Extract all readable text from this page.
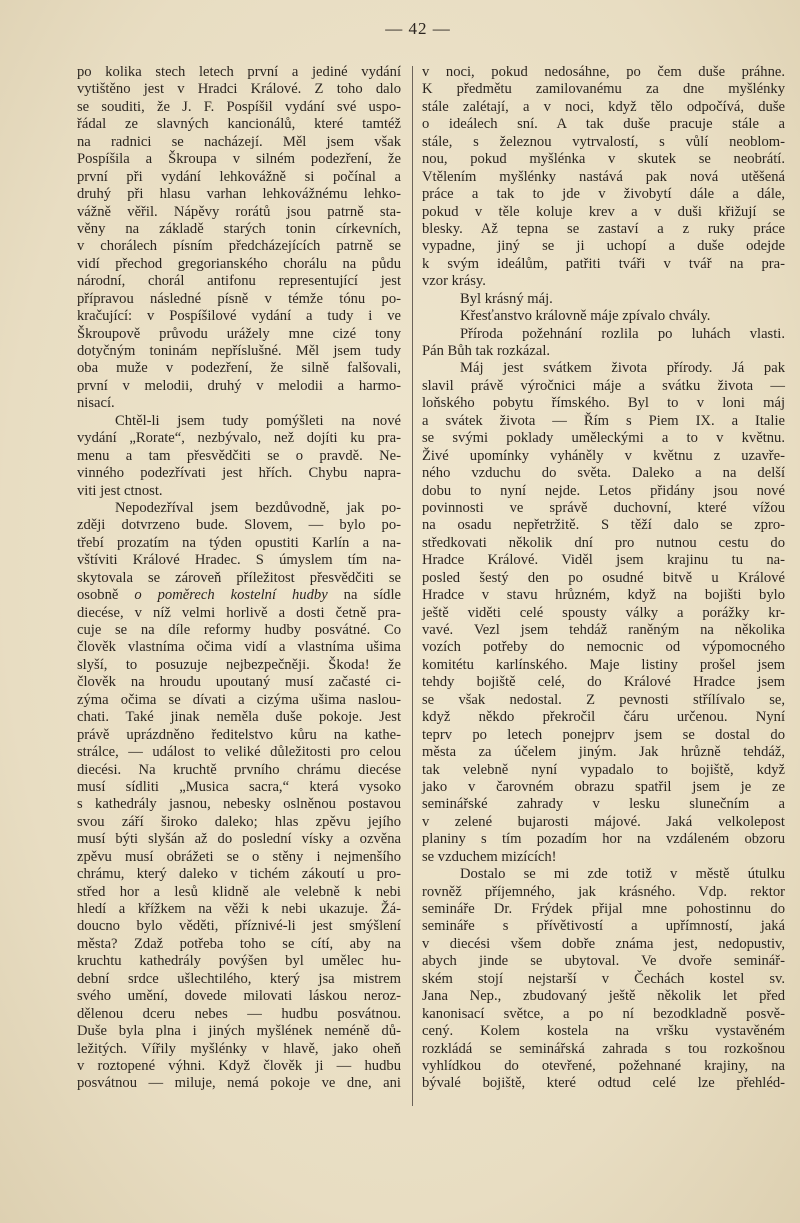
— 42 —
po kolika stech letech první a jediné vydání
vytištěno jest v Hradci Králové. Z toho dalo
se souditi, že J. F. Pospíšil vydání své uspo-
řádal ze slavných kancionálů, které tamtéž
na radnici se nacházejí. Měl jsem však
Pospíšila a Škroupa v silném podezření, že
první při vydání lehkovážně si počínal a
druhý při hlasu varhan lehkovážnému lehko-
vážně věřil. Nápěvy rorátů jsou patrně sta-
věny na základě starých tonin církevních,
v chorálech písním předcházejících patrně se
vidí přechod gregorianského chorálu na půdu
národní, chorál antifonu representující jest
přípravou následné písně v témže tónu po-
kračující: v Pospíšilové vydání a tudy i ve
Škroupově průvodu urážely mne cizé tony
dotyčným toninám nepříslušné. Měl jsem tudy
oba muže v podezření, že silně falšovali,
první v melodii, druhý v melodii a harmo-
nisací.
Chtěl-li jsem tudy pomýšleti na nové
vydání „Rorate“, nezbývalo, než dojíti ku pra-
menu a tam přesvědčiti se o pravdě. Ne-
vinného podezřívati jest hřích. Chybu napra-
viti jest ctnost.
Nepodezříval jsem bezdůvodně, jak po-
zději dotvrzeno bude. Slovem, — bylo po-
třebí prozatím na týden opustiti Karlín a na-
vštíviti Králové Hradec. S úmyslem tím na-
skytovala se zároveň příležitost přesvědčiti se
osobně o poměrech kostelní hudby na sídle
diecése, v níž velmi horlivě a dosti četně pra-
cuje se na díle reformy hudby posvátné. Co
člověk vlastníma očima vidí a vlastníma ušima
slyší, to posuzuje nejbezpečněji. Škoda! že
člověk na hroudu upoutaný musí začasté ci-
zýma očima se dívati a cizýma ušima naslou-
chati. Také jinak neměla duše pokoje. Jest
právě uprázdněno ředitelstvo kůru na kathe-
strálce, — událost to veliké důležitosti pro celou
diecési. Na kruchtě prvního chrámu diecése
musí sídliti „Musica sacra,“ která vysoko
s kathedrály jasnou, nebesky oslněnou postavou
svou září široko daleko; hlas zpěvu jejího
musí býti slyšán až do poslední vísky a ozvěna
zpěvu musí obrážeti se o stěny i nejmenšího
chrámu, který daleko v tichém zákoutí u pro-
střed hor a lesů klidně ale velebně k nebi
hledí a křížkem na věži k nebi ukazuje. Žá-
doucno bylo věděti, příznivé-li jest smýšlení
města? Zdaž potřeba toho se cítí, aby na
kruchtu kathedrály povýšen byl umělec hu-
dební srdce ušlechtilého, který jsa mistrem
svého umění, dovede milovati láskou neroz-
dělenou dceru nebes — hudbu posvátnou.
Duše byla plna i jiných myšlének neméně dů-
ležitých. Vířily myšlénky v hlavě, jako oheň
v roztopené výhni. Když člověk ji — hudbu
posvátnou — miluje, nemá pokoje ve dne, ani
v noci, pokud nedosáhne, po čem duše práhne.
K předmětu zamilovanému za dne myšlénky
stále zalétají, a v noci, když tělo odpočívá, duše
o ideálech sní. A tak duše pracuje stále a
stále, s železnou vytrvalostí, s vůlí neoblom-
nou, pokud myšlénka v skutek se neobrátí.
Vtělením myšlénky nastává pak nová utěšená
práce a tak to jde v živobytí dále a dále,
pokud v těle koluje krev a v duši křižují se
blesky. Až tepna se zastaví a z ruky práce
vypadne, jiný se ji uchopí a duše odejde
k svým ideálům, patřiti tváři v tvář na pra-
vzor krásy.
Byl krásný máj.
Křesťanstvo královně máje zpívalo chvály.
Příroda požehnání rozlila po luhách vlasti.
Pán Bůh tak rozkázal.
Máj jest svátkem života přírody. Já pak
slavil právě výročnici máje a svátku života —
loňského pobytu římského. Byl to v loni máj
a svátek života — Řím s Piem IX. a Italie
se svými poklady uměleckými a to v květnu.
Živé upomínky vyháněly v květnu z uzavře-
ného vzduchu do světa. Daleko a na delší
dobu to nyní nejde. Letos přidány jsou nové
povinnosti ve správě duchovní, které vížou
na osadu nepřetržitě. S těží dalo se zpro-
středkovati několik dní pro nutnou cestu do
Hradce Králové. Viděl jsem krajinu tu na-
posled šestý den po osudné bitvě u Králové
Hradce v stavu hrůzném, když na bojišti bylo
ještě viděti celé spousty války a porážky kr-
vavé. Vezl jsem tehdáž raněným na několika
vozích potřeby do nemocnic od výpomocného
komitétu karlínského. Maje listiny prošel jsem
tehdy bojiště celé, do Králové Hradce jsem
se však nedostal. Z pevnosti střílívalo se,
když někdo překročil čáru určenou. Nyní
teprv po letech ponejprv jsem se dostal do
města za účelem jiným. Jak hrůzně tehdáž,
tak velebně nyní vypadalo to bojiště, když
jako v čarovném obrazu spatřil jsem je ze
seminářské zahrady v lesku slunečním a
v zelené bujarosti májové. Jaká velkolepost
planiny s tím pozadím hor na vzdáleném obzoru
se vzduchem mizících!
Dostalo se mi zde totiž v městě útulku
rovněž příjemného, jak krásného. Vdp. rektor
semináře Dr. Frýdek přijal mne pohostinnu do
semináře s přívětivostí a upřímností, jaká
v diecési všem dobře známa jest, nedopustiv,
abych jinde se ubytoval. Ve dvoře seminář-
ském stojí nejstarší v Čechách kostel sv.
Jana Nep., zbudovaný ještě několik let před
kanonisací světce, a po ní bezodkladně posvě-
cený. Kolem kostela na vršku vystavěném
rozkládá se seminářská zahrada s tou rozkošnou
vyhlídkou do otevřené, požehnané krajiny, na
bývalé bojiště, které odtud celé lze přehléd-
